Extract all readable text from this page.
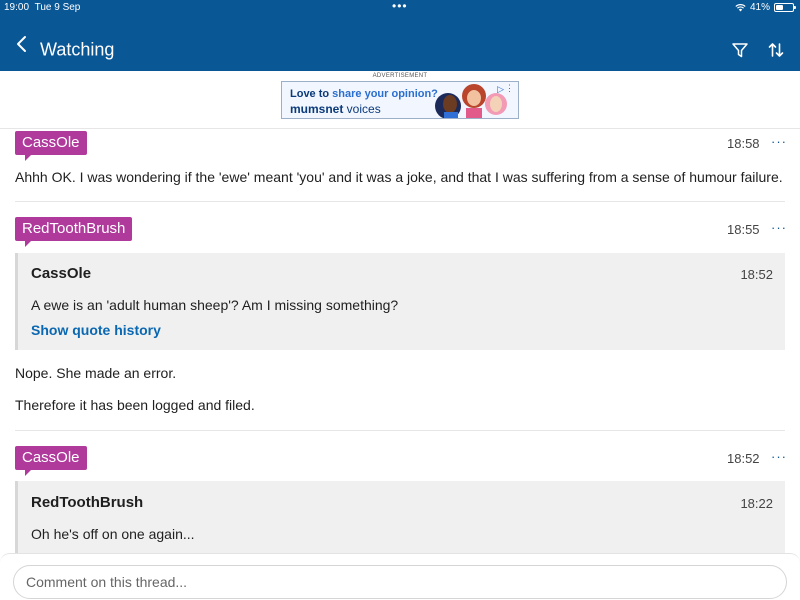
19:00 Tue 9 Sep	•••	41%
Watching
ADVERTISEMENT
Love to share your opinion?
mumsnet voices
▷ ⋮
CassOle	18:58 ···
Ahhh OK. I was wondering if the 'ewe' meant 'you' and it was a joke, and that I was suffering from a sense of humour failure.
RedToothBrush	18:55 ···
CassOle	18:52
A ewe is an 'adult human sheep'? Am I missing something?
Show quote history
Nope. She made an error.
Therefore it has been logged and filed.
CassOle	18:52 ···
RedToothBrush	18:22
Oh he's off on one again...
Comment on this thread...
